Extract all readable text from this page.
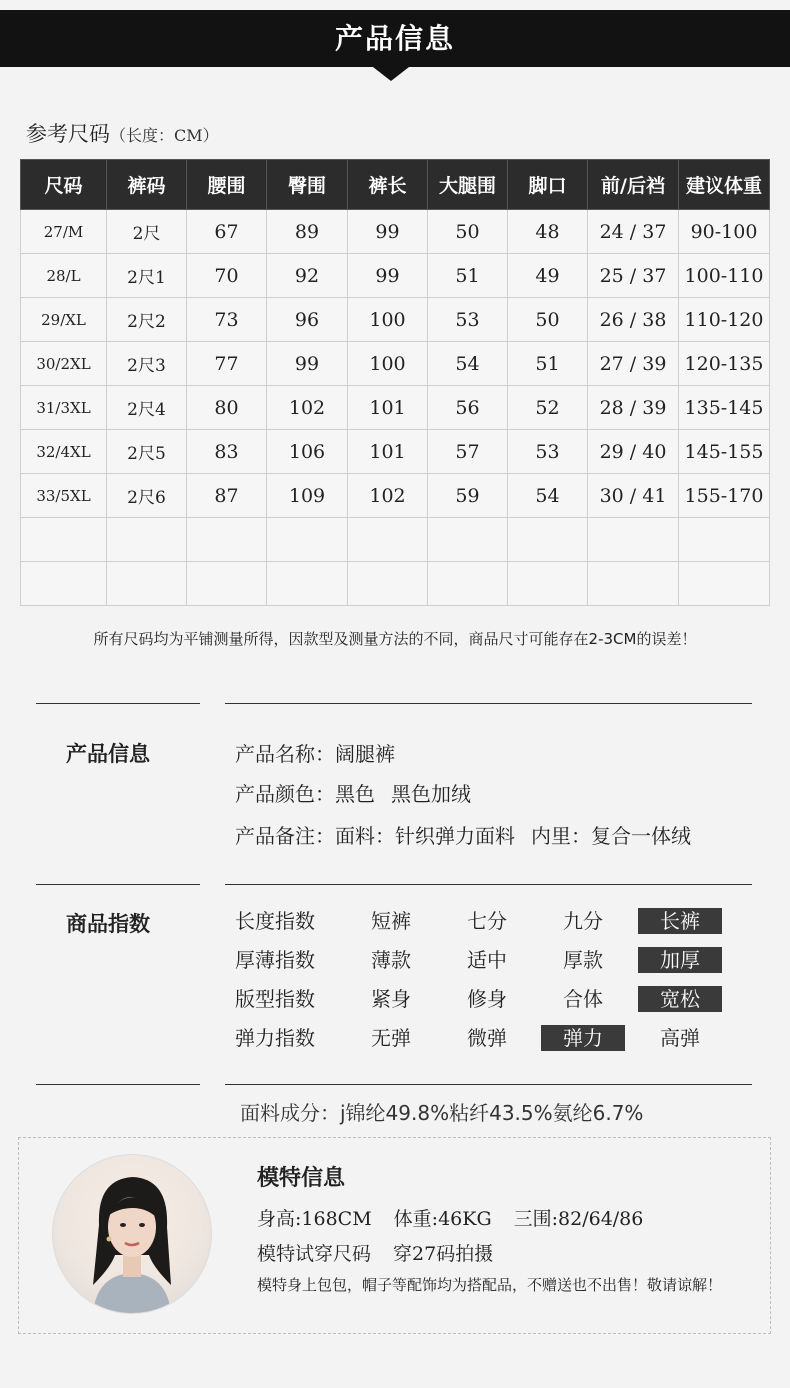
产品信息
参考尺码（长度：CM）
尺码	裤码	腰围	臀围	裤长	大腿围	脚口	前/后裆	建议体重
27/M	2尺	67	89	99	50	48	24 / 37	90-100
28/L	2尺1	70	92	99	51	49	25 / 37	100-110
29/XL	2尺2	73	96	100	53	50	26 / 38	110-120
30/2XL	2尺3	77	99	100	54	51	27 / 39	120-135
31/3XL	2尺4	80	102	101	56	52	28 / 39	135-145
32/4XL	2尺5	83	106	101	57	53	29 / 40	145-155
33/5XL	2尺6	87	109	102	59	54	30 / 41	155-170

所有尺码均为平铺测量所得，因款型及测量方法的不同，商品尺寸可能存在2-3CM的误差！
产品信息	产品名称：阔腿裤
产品颜色：黑色 黑色加绒
产品备注：面料：针织弹力面料 内里：复合一体绒
商品指数	长度指数	短裤	七分	九分	长裤
厚薄指数	薄款	适中	厚款	加厚
版型指数	紧身	修身	合体	宽松
弹力指数	无弹	微弹	弹力	高弹
面料成分：j锦纶49.8%粘纤43.5%氨纶6.7%
模特信息
身高:168CM 体重:46KG 三围:82/64/86
模特试穿尺码 穿27码拍摄
模特身上包包，帽子等配饰均为搭配品，不赠送也不出售！敬请谅解！
